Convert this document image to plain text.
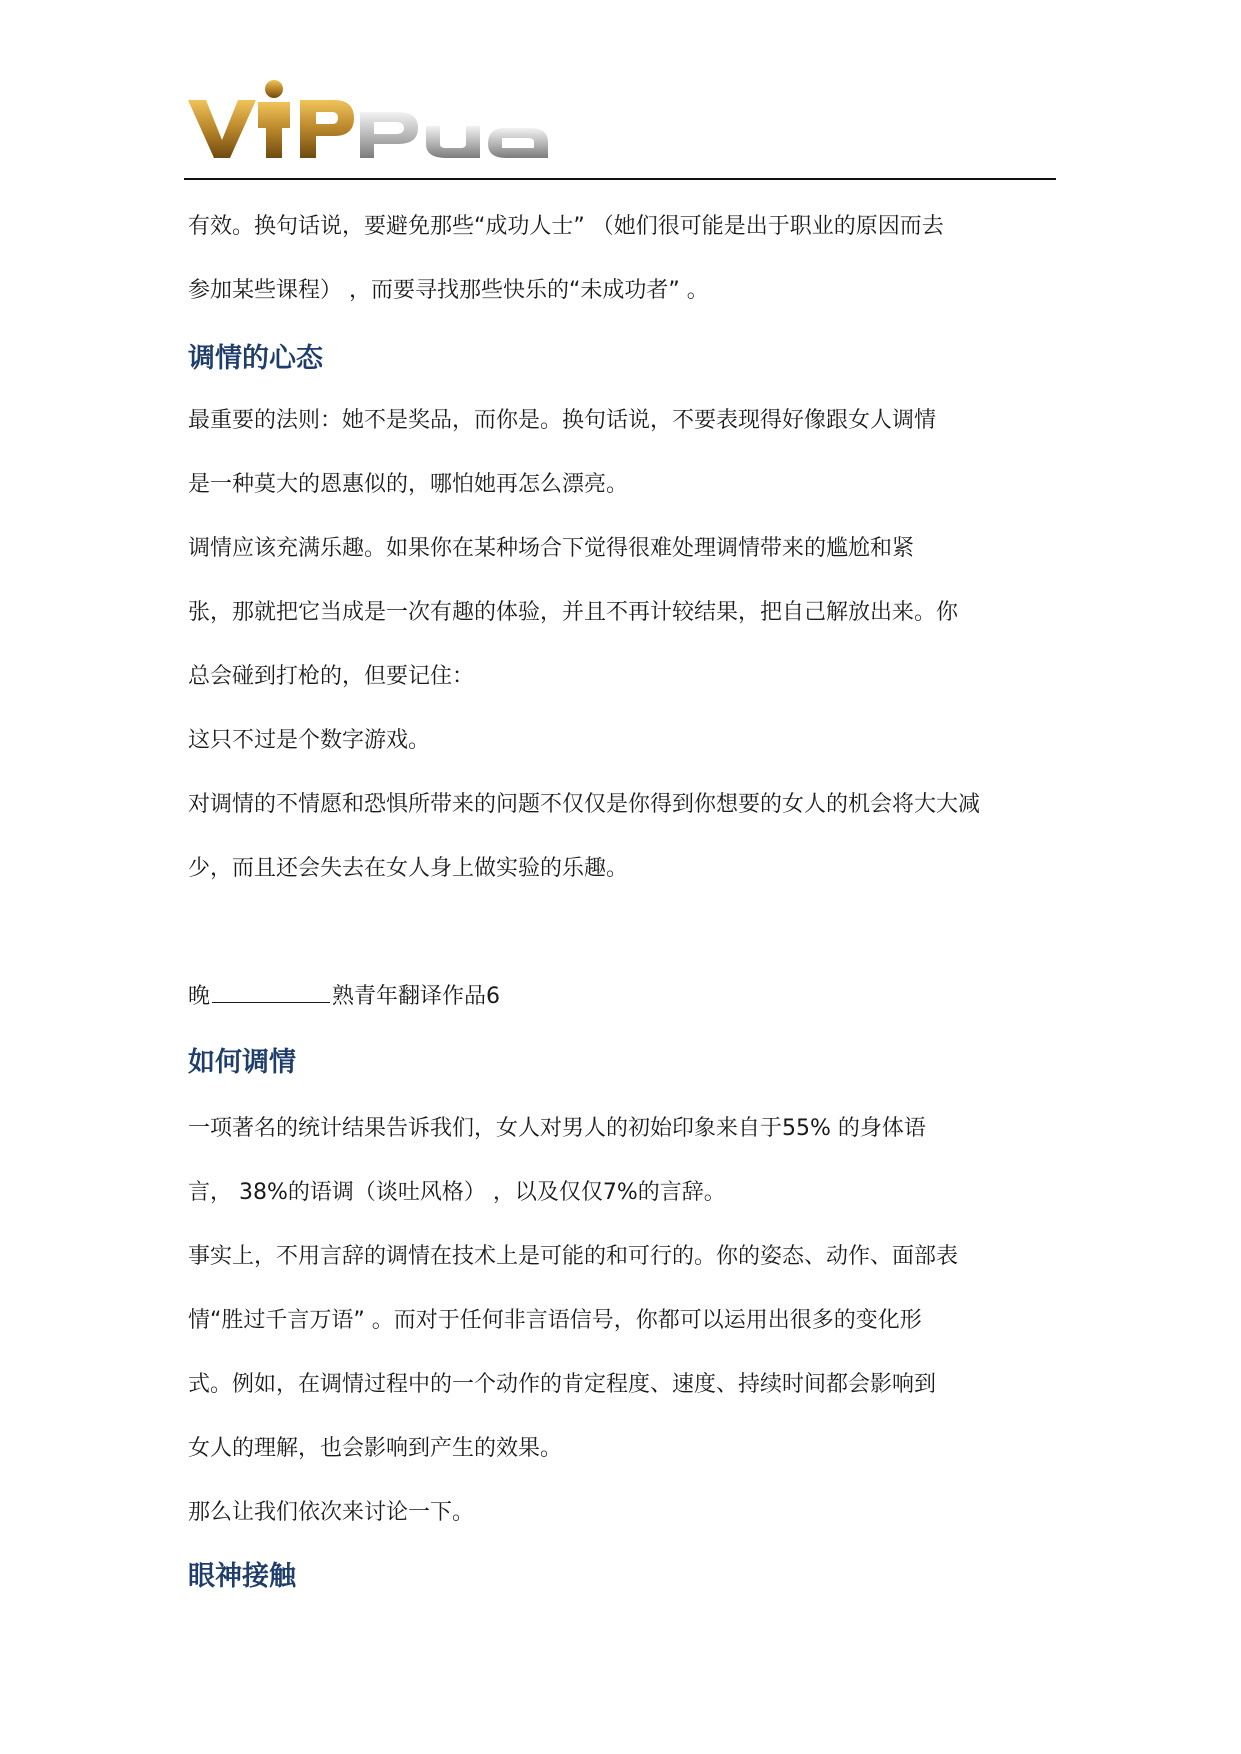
有效。换句话说，要避免那些“成功人士” （她们很可能是出于职业的原因而去

参加某些课程） ，而要寻找那些快乐的“未成功者” 。

调情的心态

最重要的法则：她不是奖品，而你是。换句话说，不要表现得好像跟女人调情

是一种莫大的恩惠似的，哪怕她再怎么漂亮。

调情应该充满乐趣。如果你在某种场合下觉得很难处理调情带来的尴尬和紧

张，那就把它当成是一次有趣的体验，并且不再计较结果，把自己解放出来。你

总会碰到打枪的，但要记住：

这只不过是个数字游戏。

对调情的不情愿和恐惧所带来的问题不仅仅是你得到你想要的女人的机会将大大减

少，而且还会失去在女人身上做实验的乐趣。

晚	熟青年翻译作品6

如何调情

一项著名的统计结果告诉我们，女人对男人的初始印象来自于55% 的身体语

言， 38%的语调（谈吐风格） ，以及仅仅7%的言辞。

事实上，不用言辞的调情在技术上是可能的和可行的。你的姿态、动作、面部表

情“胜过千言万语” 。而对于任何非言语信号，你都可以运用出很多的变化形

式。例如，在调情过程中的一个动作的肯定程度、速度、持续时间都会影响到

女人的理解，也会影响到产生的效果。

那么让我们依次来讨论一下。

眼神接触
